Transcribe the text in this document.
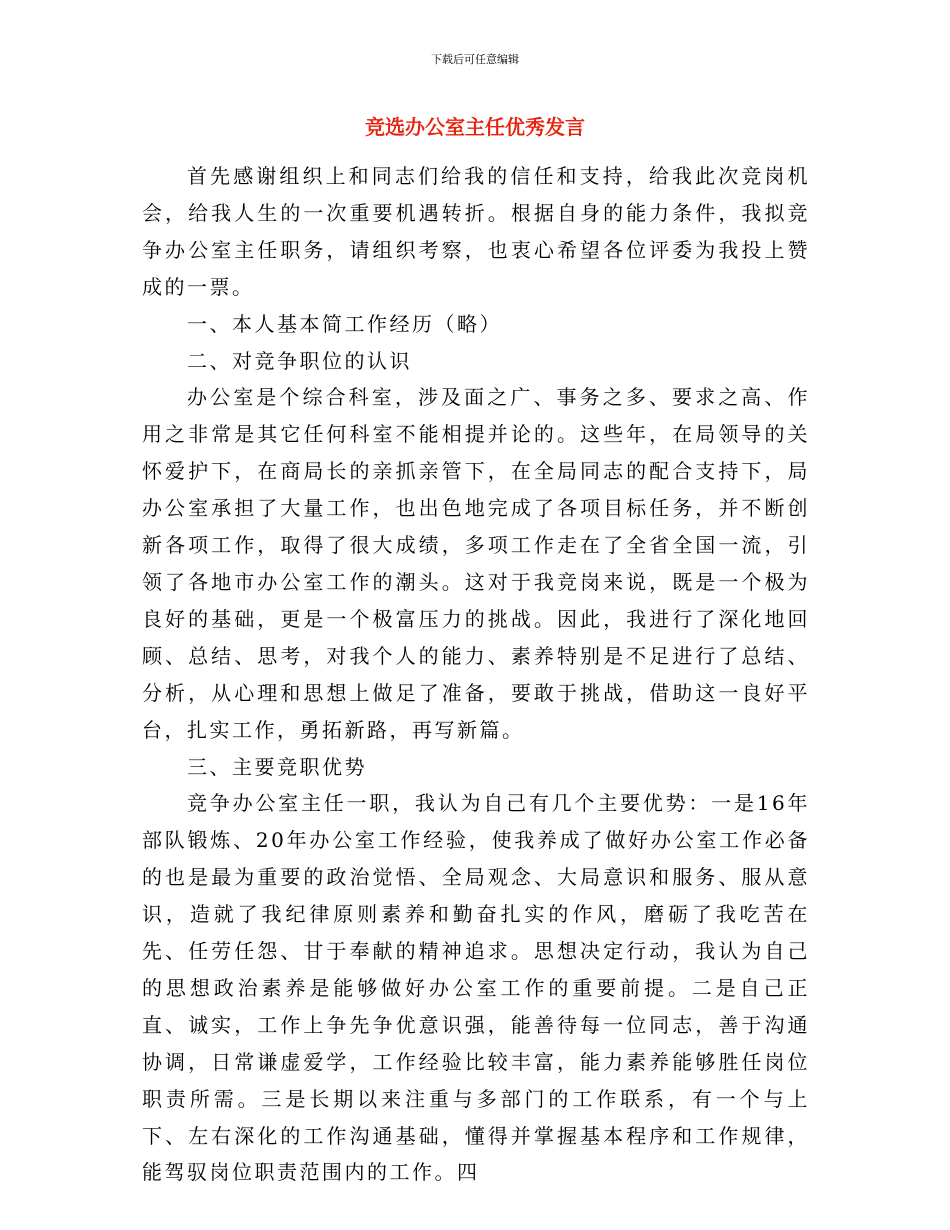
下载后可任意编辑
竞选办公室主任优秀发言

首先感谢组织上和同志们给我的信任和支持，给我此次竞岗机会，给我人生的一次重要机遇转折。根据自身的能力条件，我拟竞争办公室主任职务，请组织考察，也衷心希望各位评委为我投上赞成的一票。

一、本人基本简工作经历（略）

二、对竞争职位的认识

办公室是个综合科室，涉及面之广、事务之多、要求之高、作用之非常是其它任何科室不能相提并论的。这些年，在局领导的关怀爱护下，在商局长的亲抓亲管下，在全局同志的配合支持下，局办公室承担了大量工作，也出色地完成了各项目标任务，并不断创新各项工作，取得了很大成绩，多项工作走在了全省全国一流，引领了各地市办公室工作的潮头。这对于我竞岗来说，既是一个极为良好的基础，更是一个极富压力的挑战。因此，我进行了深化地回顾、总结、思考，对我个人的能力、素养特别是不足进行了总结、分析，从心理和思想上做足了准备，要敢于挑战，借助这一良好平台，扎实工作，勇拓新路，再写新篇。

三、主要竞职优势

竞争办公室主任一职，我认为自己有几个主要优势：一是16年部队锻炼、20年办公室工作经验，使我养成了做好办公室工作必备的也是最为重要的政治觉悟、全局观念、大局意识和服务、服从意识，造就了我纪律原则素养和勤奋扎实的作风，磨砺了我吃苦在先、任劳任怨、甘于奉献的精神追求。思想决定行动，我认为自己的思想政治素养是能够做好办公室工作的重要前提。二是自己正直、诚实，工作上争先争优意识强，能善待每一位同志，善于沟通协调，日常谦虚爱学，工作经验比较丰富，能力素养能够胜任岗位职责所需。三是长期以来注重与多部门的工作联系，有一个与上下、左右深化的工作沟通基础，懂得并掌握基本程序和工作规律，能驾驭岗位职责范围内的工作。四
